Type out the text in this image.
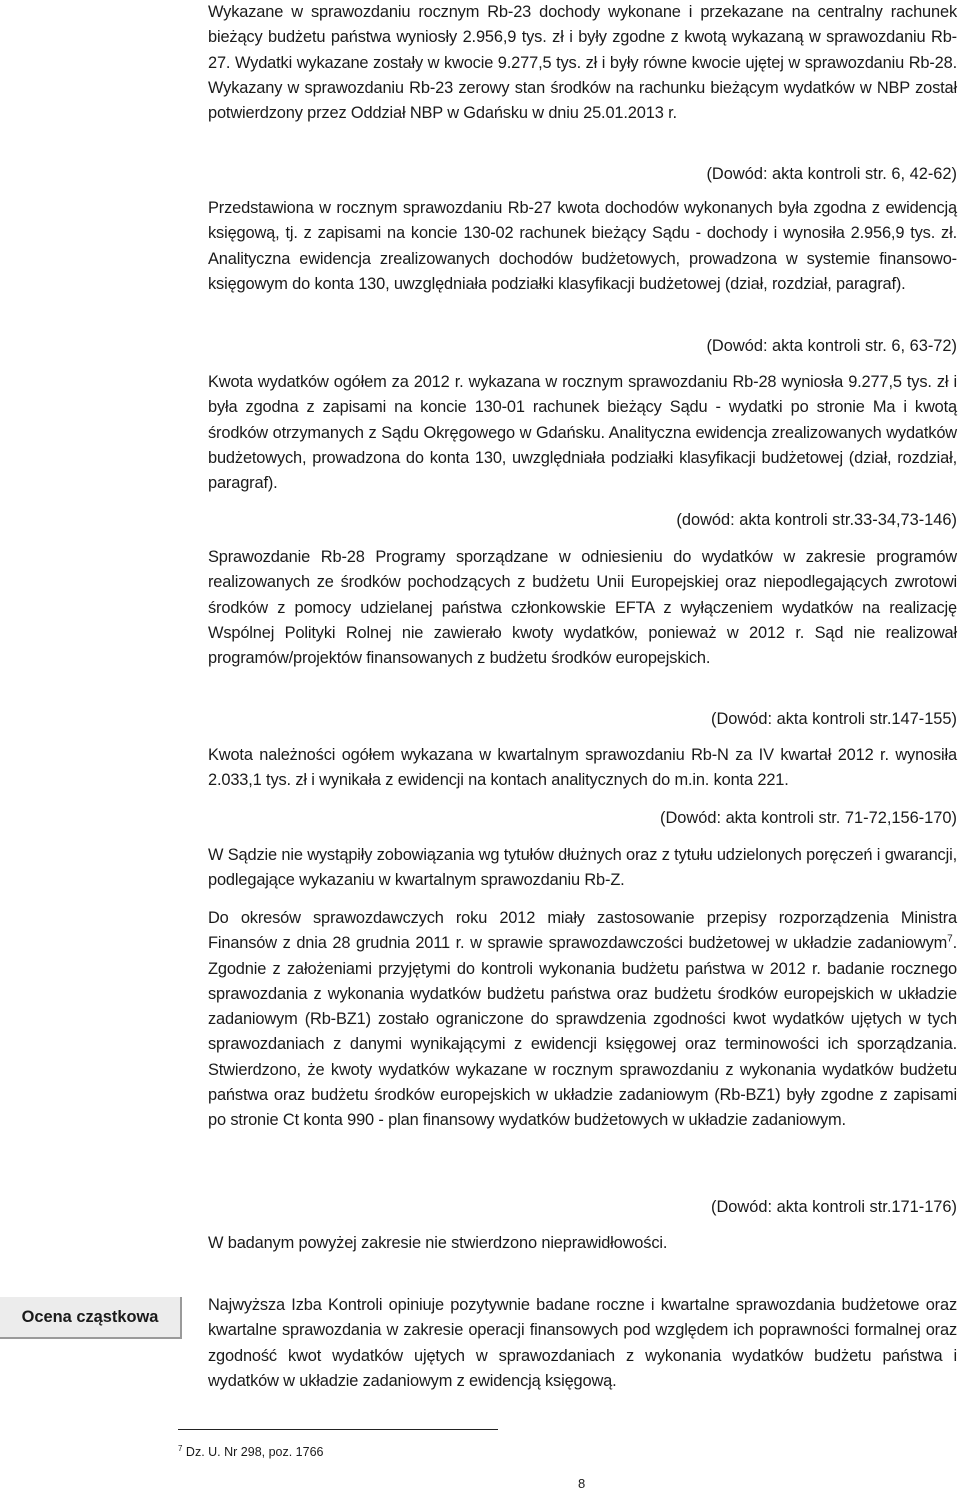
Wykazane w sprawozdaniu rocznym Rb-23 dochody wykonane i przekazane na centralny rachunek bieżący budżetu państwa wyniosły 2.956,9 tys. zł i były zgodne z kwotą wykazaną w sprawozdaniu Rb-27. Wydatki wykazane zostały w kwocie 9.277,5 tys. zł i były równe kwocie ujętej w sprawozdaniu Rb-28. Wykazany w sprawozdaniu Rb-23 zerowy stan środków na rachunku bieżącym wydatków w NBP został potwierdzony przez Oddział NBP w Gdańsku w dniu 25.01.2013 r.

(Dowód: akta kontroli str. 6, 42-62)

Przedstawiona w rocznym sprawozdaniu Rb-27 kwota dochodów wykonanych była zgodna z ewidencją księgową, tj. z zapisami na koncie 130-02 rachunek bieżący Sądu - dochody i wynosiła 2.956,9 tys. zł. Analityczna ewidencja zrealizowanych dochodów budżetowych, prowadzona w systemie finansowo-księgowym do konta 130, uwzględniała podziałki klasyfikacji budżetowej (dział, rozdział, paragraf).

(Dowód: akta kontroli str. 6, 63-72)

Kwota wydatków ogółem za 2012 r. wykazana w rocznym sprawozdaniu Rb-28 wyniosła 9.277,5 tys. zł i była zgodna z zapisami na koncie 130-01 rachunek bieżący Sądu - wydatki po stronie Ma i kwotą środków otrzymanych z Sądu Okręgowego w Gdańsku. Analityczna ewidencja zrealizowanych wydatków budżetowych, prowadzona do konta 130, uwzględniała podziałki klasyfikacji budżetowej (dział, rozdział, paragraf).

(dowód: akta kontroli str.33-34,73-146)

Sprawozdanie Rb-28 Programy sporządzane w odniesieniu do wydatków w zakresie programów realizowanych ze środków pochodzących z budżetu Unii Europejskiej oraz niepodlegających zwrotowi środków z pomocy udzielanej państwa członkowskie EFTA z wyłączeniem wydatków na realizację Wspólnej Polityki Rolnej nie zawierało kwoty wydatków, ponieważ w 2012 r. Sąd nie realizował programów/projektów finansowanych z budżetu środków europejskich.

(Dowód: akta kontroli str.147-155)

Kwota należności ogółem wykazana w kwartalnym sprawozdaniu Rb-N za IV kwartał 2012 r. wynosiła 2.033,1 tys. zł i wynikała z ewidencji na kontach analitycznych do m.in. konta 221.

(Dowód: akta kontroli str. 71-72,156-170)

W Sądzie nie wystąpiły zobowiązania wg tytułów dłużnych oraz z tytułu udzielonych poręczeń i gwarancji, podlegające wykazaniu w kwartalnym sprawozdaniu Rb-Z.

Do okresów sprawozdawczych roku 2012 miały zastosowanie przepisy rozporządzenia Ministra Finansów z dnia 28 grudnia 2011 r. w sprawie sprawozdawczości budżetowej w układzie zadaniowym$^7$. Zgodnie z założeniami przyjętymi do kontroli wykonania budżetu państwa w 2012 r. badanie rocznego sprawozdania z wykonania wydatków budżetu państwa oraz budżetu środków europejskich w układzie zadaniowym (Rb-BZ1) zostało ograniczone do sprawdzenia zgodności kwot wydatków ujętych w tych sprawozdaniach z danymi wynikającymi z ewidencji księgowej oraz terminowości ich sporządzania. Stwierdzono, że kwoty wydatków wykazane w rocznym sprawozdaniu z wykonania wydatków budżetu państwa oraz budżetu środków europejskich w układzie zadaniowym (Rb-BZ1) były zgodne z zapisami po stronie Ct konta 990 - plan finansowy wydatków budżetowych w układzie zadaniowym.

(Dowód: akta kontroli str.171-176)

W badanym powyżej zakresie nie stwierdzono nieprawidłowości.

Ocena cząstkowa

Najwyższa Izba Kontroli opiniuje pozytywnie badane roczne i kwartalne sprawozdania budżetowe oraz kwartalne sprawozdania w zakresie operacji finansowych pod względem ich poprawności formalnej oraz zgodność kwot wydatków ujętych w sprawozdaniach z wykonania wydatków budżetu państwa i wydatków w układzie zadaniowym z ewidencją księgową.

$^7$ Dz. U. Nr 298, poz. 1766
8
